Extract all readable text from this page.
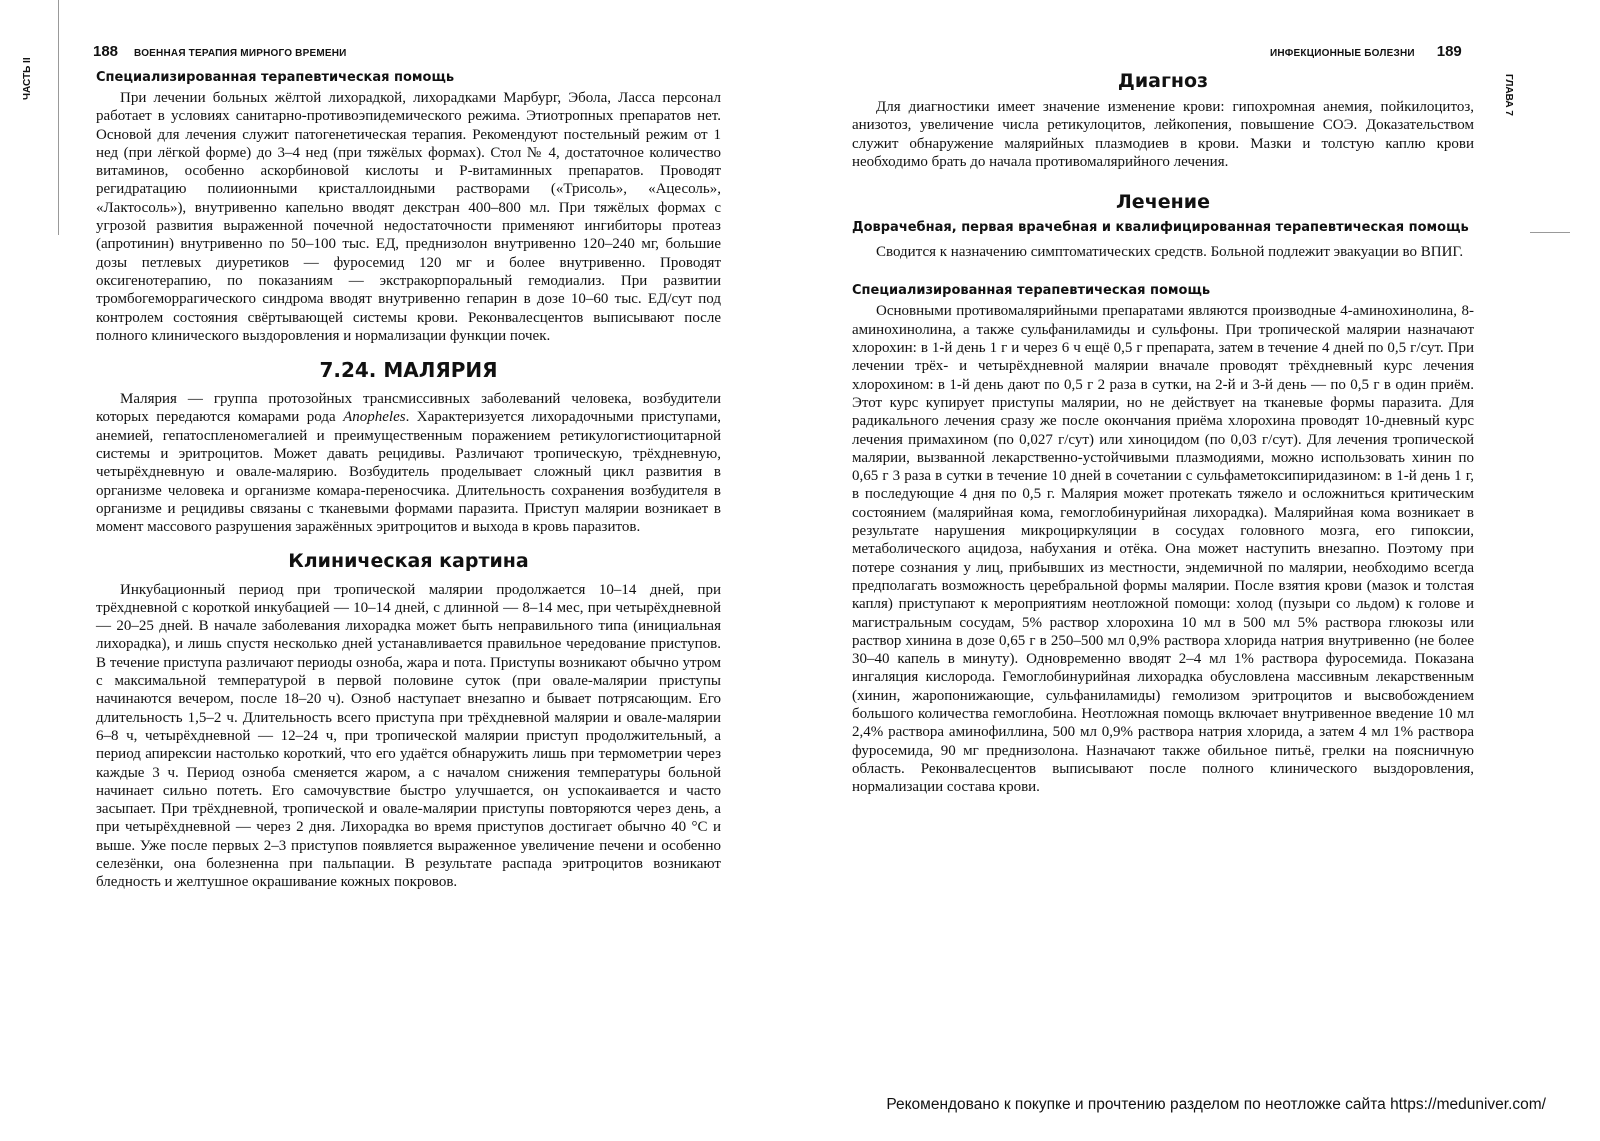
ЧАСТЬ II
188 ВОЕННАЯ ТЕРАПИЯ МИРНОГО ВРЕМЕНИ
Специализированная терапевтическая помощь

При лечении больных жёлтой лихорадкой, лихорадками Марбург, Эбола, Ласса персонал работает в условиях санитарно-противоэпидемического режима. Этиотропных препаратов нет. Основой для лечения служит патогенетическая терапия. Рекомендуют постельный режим от 1 нед (при лёгкой форме) до 3–4 нед (при тяжёлых формах). Стол № 4, достаточное количество витаминов, особенно аскорбиновой кислоты и Р-витаминных препаратов. Проводят регидратацию полиионными кристаллоидными растворами («Трисоль», «Ацесоль», «Лактосоль»), внутривенно капельно вводят декстран 400–800 мл. При тяжёлых формах с угрозой развития выраженной почечной недостаточности применяют ингибиторы протеаз (апротинин) внутривенно по 50–100 тыс. ЕД, преднизолон внутривенно 120–240 мг, большие дозы петлевых диуретиков — фуросемид 120 мг и более внутривенно. Проводят оксигенотерапию, по показаниям — экстракорпоральный гемодиализ. При развитии тромбогеморрагического синдрома вводят внутривенно гепарин в дозе 10–60 тыс. ЕД/сут под контролем состояния свёртывающей системы крови. Реконвалесцентов выписывают после полного клинического выздоровления и нормализации функции почек.

7.24. МАЛЯРИЯ

Малярия — группа протозойных трансмиссивных заболеваний человека, возбудители которых передаются комарами рода Anopheles. Характеризуется лихорадочными приступами, анемией, гепатоспленомегалией и преимущественным поражением ретикулогистиоцитарной системы и эритроцитов. Может давать рецидивы. Различают тропическую, трёхдневную, четырёхдневную и овале-малярию. Возбудитель проделывает сложный цикл развития в организме человека и организме комара-переносчика. Длительность сохранения возбудителя в организме и рецидивы связаны с тканевыми формами паразита. Приступ малярии возникает в момент массового разрушения заражённых эритроцитов и выхода в кровь паразитов.

Клиническая картина

Инкубационный период при тропической малярии продолжается 10–14 дней, при трёхдневной с короткой инкубацией — 10–14 дней, с длинной — 8–14 мес, при четырёхдневной — 20–25 дней. В начале заболевания лихорадка может быть неправильного типа (инициальная лихорадка), и лишь спустя несколько дней устанавливается правильное чередование приступов. В течение приступа различают периоды озноба, жара и пота. Приступы возникают обычно утром с максимальной температурой в первой половине суток (при овале-малярии приступы начинаются вечером, после 18–20 ч). Озноб наступает внезапно и бывает потрясающим. Его длительность 1,5–2 ч. Длительность всего приступа при трёхдневной малярии и овале-малярии 6–8 ч, четырёхдневной — 12–24 ч, при тропической малярии приступ продолжительный, а период апирексии настолько короткий, что его удаётся обнаружить лишь при термометрии через каждые 3 ч. Период озноба сменяется жаром, а с началом снижения температуры больной начинает сильно потеть. Его самочувствие быстро улучшается, он успокаивается и часто засыпает. При трёхдневной, тропической и овале-малярии приступы повторяются через день, а при четырёхдневной — через 2 дня. Лихорадка во время приступов достигает обычно 40 °С и выше. Уже после первых 2–3 приступов появляется выраженное увеличение печени и особенно селезёнки, она болезненна при пальпации. В результате распада эритроцитов возникают бледность и желтушное окрашивание кожных покровов.

ИНФЕКЦИОННЫЕ БОЛЕЗНИ 189
ГЛАВА 7
Диагноз

Для диагностики имеет значение изменение крови: гипохромная анемия, пойкилоцитоз, анизотоз, увеличение числа ретикулоцитов, лейкопения, повышение СОЭ. Доказательством служит обнаружение малярийных плазмодиев в крови. Мазки и толстую каплю крови необходимо брать до начала противомалярийного лечения.

Лечение
Доврачебная, первая врачебная и квалифицированная терапевтическая помощь

Сводится к назначению симптоматических средств. Больной подлежит эвакуации во ВПИГ.

Специализированная терапевтическая помощь

Основными противомалярийными препаратами являются производные 4-аминохинолина, 8-аминохинолина, а также сульфаниламиды и сульфоны. При тропической малярии назначают хлорохин: в 1-й день 1 г и через 6 ч ещё 0,5 г препарата, затем в течение 4 дней по 0,5 г/сут. При лечении трёх- и четырёхдневной малярии вначале проводят трёхдневный курс лечения хлорохином: в 1-й день дают по 0,5 г 2 раза в сутки, на 2-й и 3-й день — по 0,5 г в один приём. Этот курс купирует приступы малярии, но не действует на тканевые формы паразита. Для радикального лечения сразу же после окончания приёма хлорохина проводят 10-дневный курс лечения примахином (по 0,027 г/сут) или хиноцидом (по 0,03 г/сут). Для лечения тропической малярии, вызванной лекарственно-устойчивыми плазмодиями, можно использовать хинин по 0,65 г 3 раза в сутки в течение 10 дней в сочетании с сульфаметоксипиридазином: в 1-й день 1 г, в последующие 4 дня по 0,5 г. Малярия может протекать тяжело и осложниться критическим состоянием (малярийная кома, гемоглобинурийная лихорадка). Малярийная кома возникает в результате нарушения микроциркуляции в сосудах головного мозга, его гипоксии, метаболического ацидоза, набухания и отёка. Она может наступить внезапно. Поэтому при потере сознания у лиц, прибывших из местности, эндемичной по малярии, необходимо всегда предполагать возможность церебральной формы малярии. После взятия крови (мазок и толстая капля) приступают к мероприятиям неотложной помощи: холод (пузыри со льдом) к голове и магистральным сосудам, 5% раствор хлорохина 10 мл в 500 мл 5% раствора глюкозы или раствор хинина в дозе 0,65 г в 250–500 мл 0,9% раствора хлорида натрия внутривенно (не более 30–40 капель в минуту). Одновременно вводят 2–4 мл 1% раствора фуросемида. Показана ингаляция кислорода. Гемоглобинурийная лихорадка обусловлена массивным лекарственным (хинин, жаропонижающие, сульфаниламиды) гемолизом эритроцитов и высвобождением большого количества гемоглобина. Неотложная помощь включает внутривенное введение 10 мл 2,4% раствора аминофиллина, 500 мл 0,9% раствора натрия хлорида, а затем 4 мл 1% раствора фуросемида, 90 мг преднизолона. Назначают также обильное питьё, грелки на поясничную область. Реконвалесцентов выписывают после полного клинического выздоровления, нормализации состава крови.

Рекомендовано к покупке и прочтению разделом по неотложке сайта https://meduniver.com/
